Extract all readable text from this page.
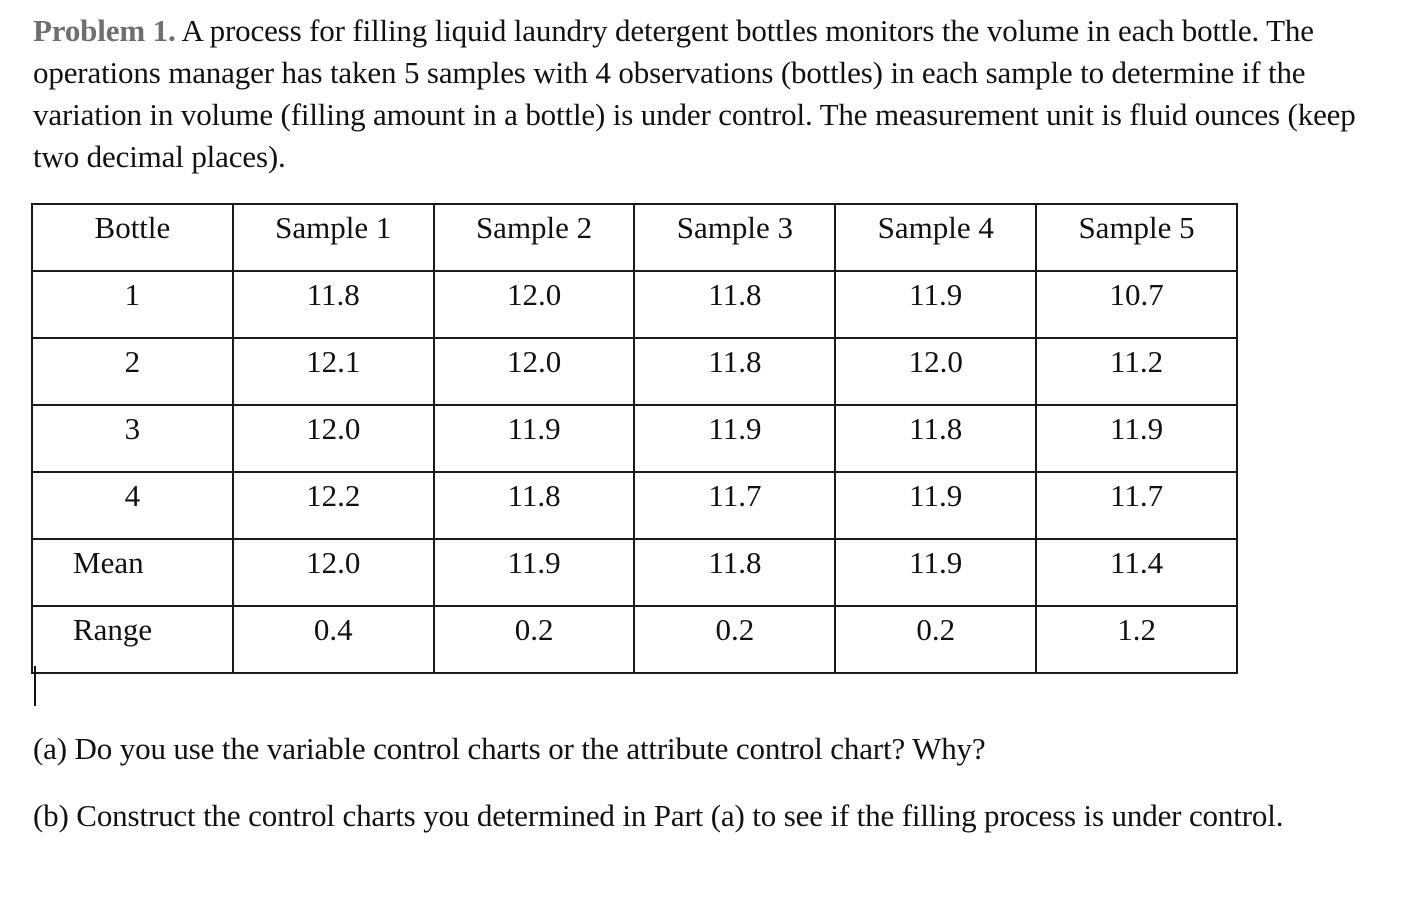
Problem 1. A process for filling liquid laundry detergent bottles monitors the volume in each bottle. The operations manager has taken 5 samples with 4 observations (bottles) in each sample to determine if the variation in volume (filling amount in a bottle) is under control. The measurement unit is fluid ounces (keep two decimal places).
Bottle	Sample 1	Sample 2	Sample 3	Sample 4	Sample 5
1	11.8	12.0	11.8	11.9	10.7
2	12.1	12.0	11.8	12.0	11.2
3	12.0	11.9	11.9	11.8	11.9
4	12.2	11.8	11.7	11.9	11.7
Mean	12.0	11.9	11.8	11.9	11.4
Range	0.4	0.2	0.2	0.2	1.2
(a) Do you use the variable control charts or the attribute control chart? Why?
(b) Construct the control charts you determined in Part (a) to see if the filling process is under control.
